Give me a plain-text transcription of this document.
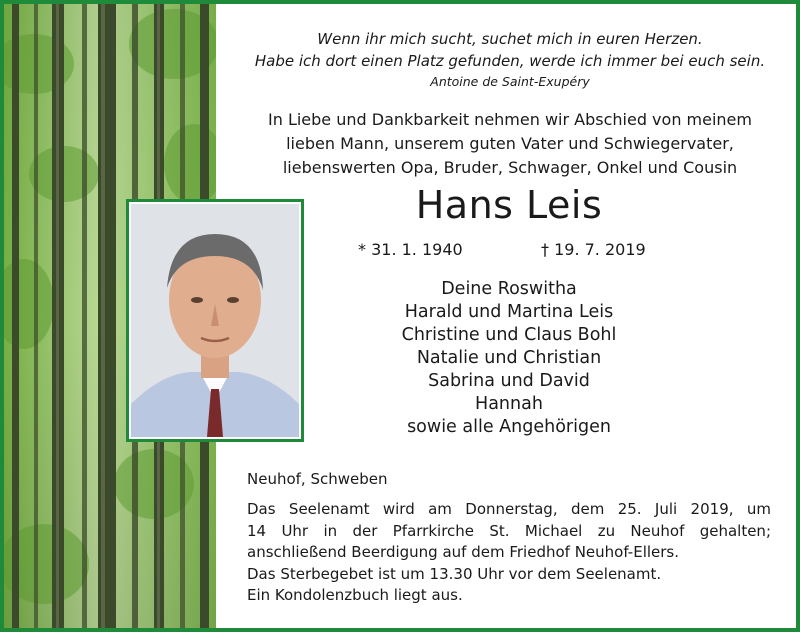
Wenn ihr mich sucht, suchet mich in euren Herzen.
Habe ich dort einen Platz gefunden, werde ich immer bei euch sein.
Antoine de Saint-Exupéry
In Liebe und Dankbarkeit nehmen wir Abschied von meinem
lieben Mann, unserem guten Vater und Schwiegervater,
liebenswerten Opa, Bruder, Schwager, Onkel und Cousin
Hans Leis
* 31. 1. 1940	† 19. 7. 2019
Deine Roswitha
Harald und Martina Leis
Christine und Claus Bohl
Natalie und Christian
Sabrina und David
Hannah
sowie alle Angehörigen
Neuhof, Schweben
Das Seelenamt wird am Donnerstag, dem 25. Juli 2019, um
14 Uhr in der Pfarrkirche St. Michael zu Neuhof gehalten;
anschließend Beerdigung auf dem Friedhof Neuhof-Ellers.
Das Sterbegebet ist um 13.30 Uhr vor dem Seelenamt.
Ein Kondolenzbuch liegt aus.
